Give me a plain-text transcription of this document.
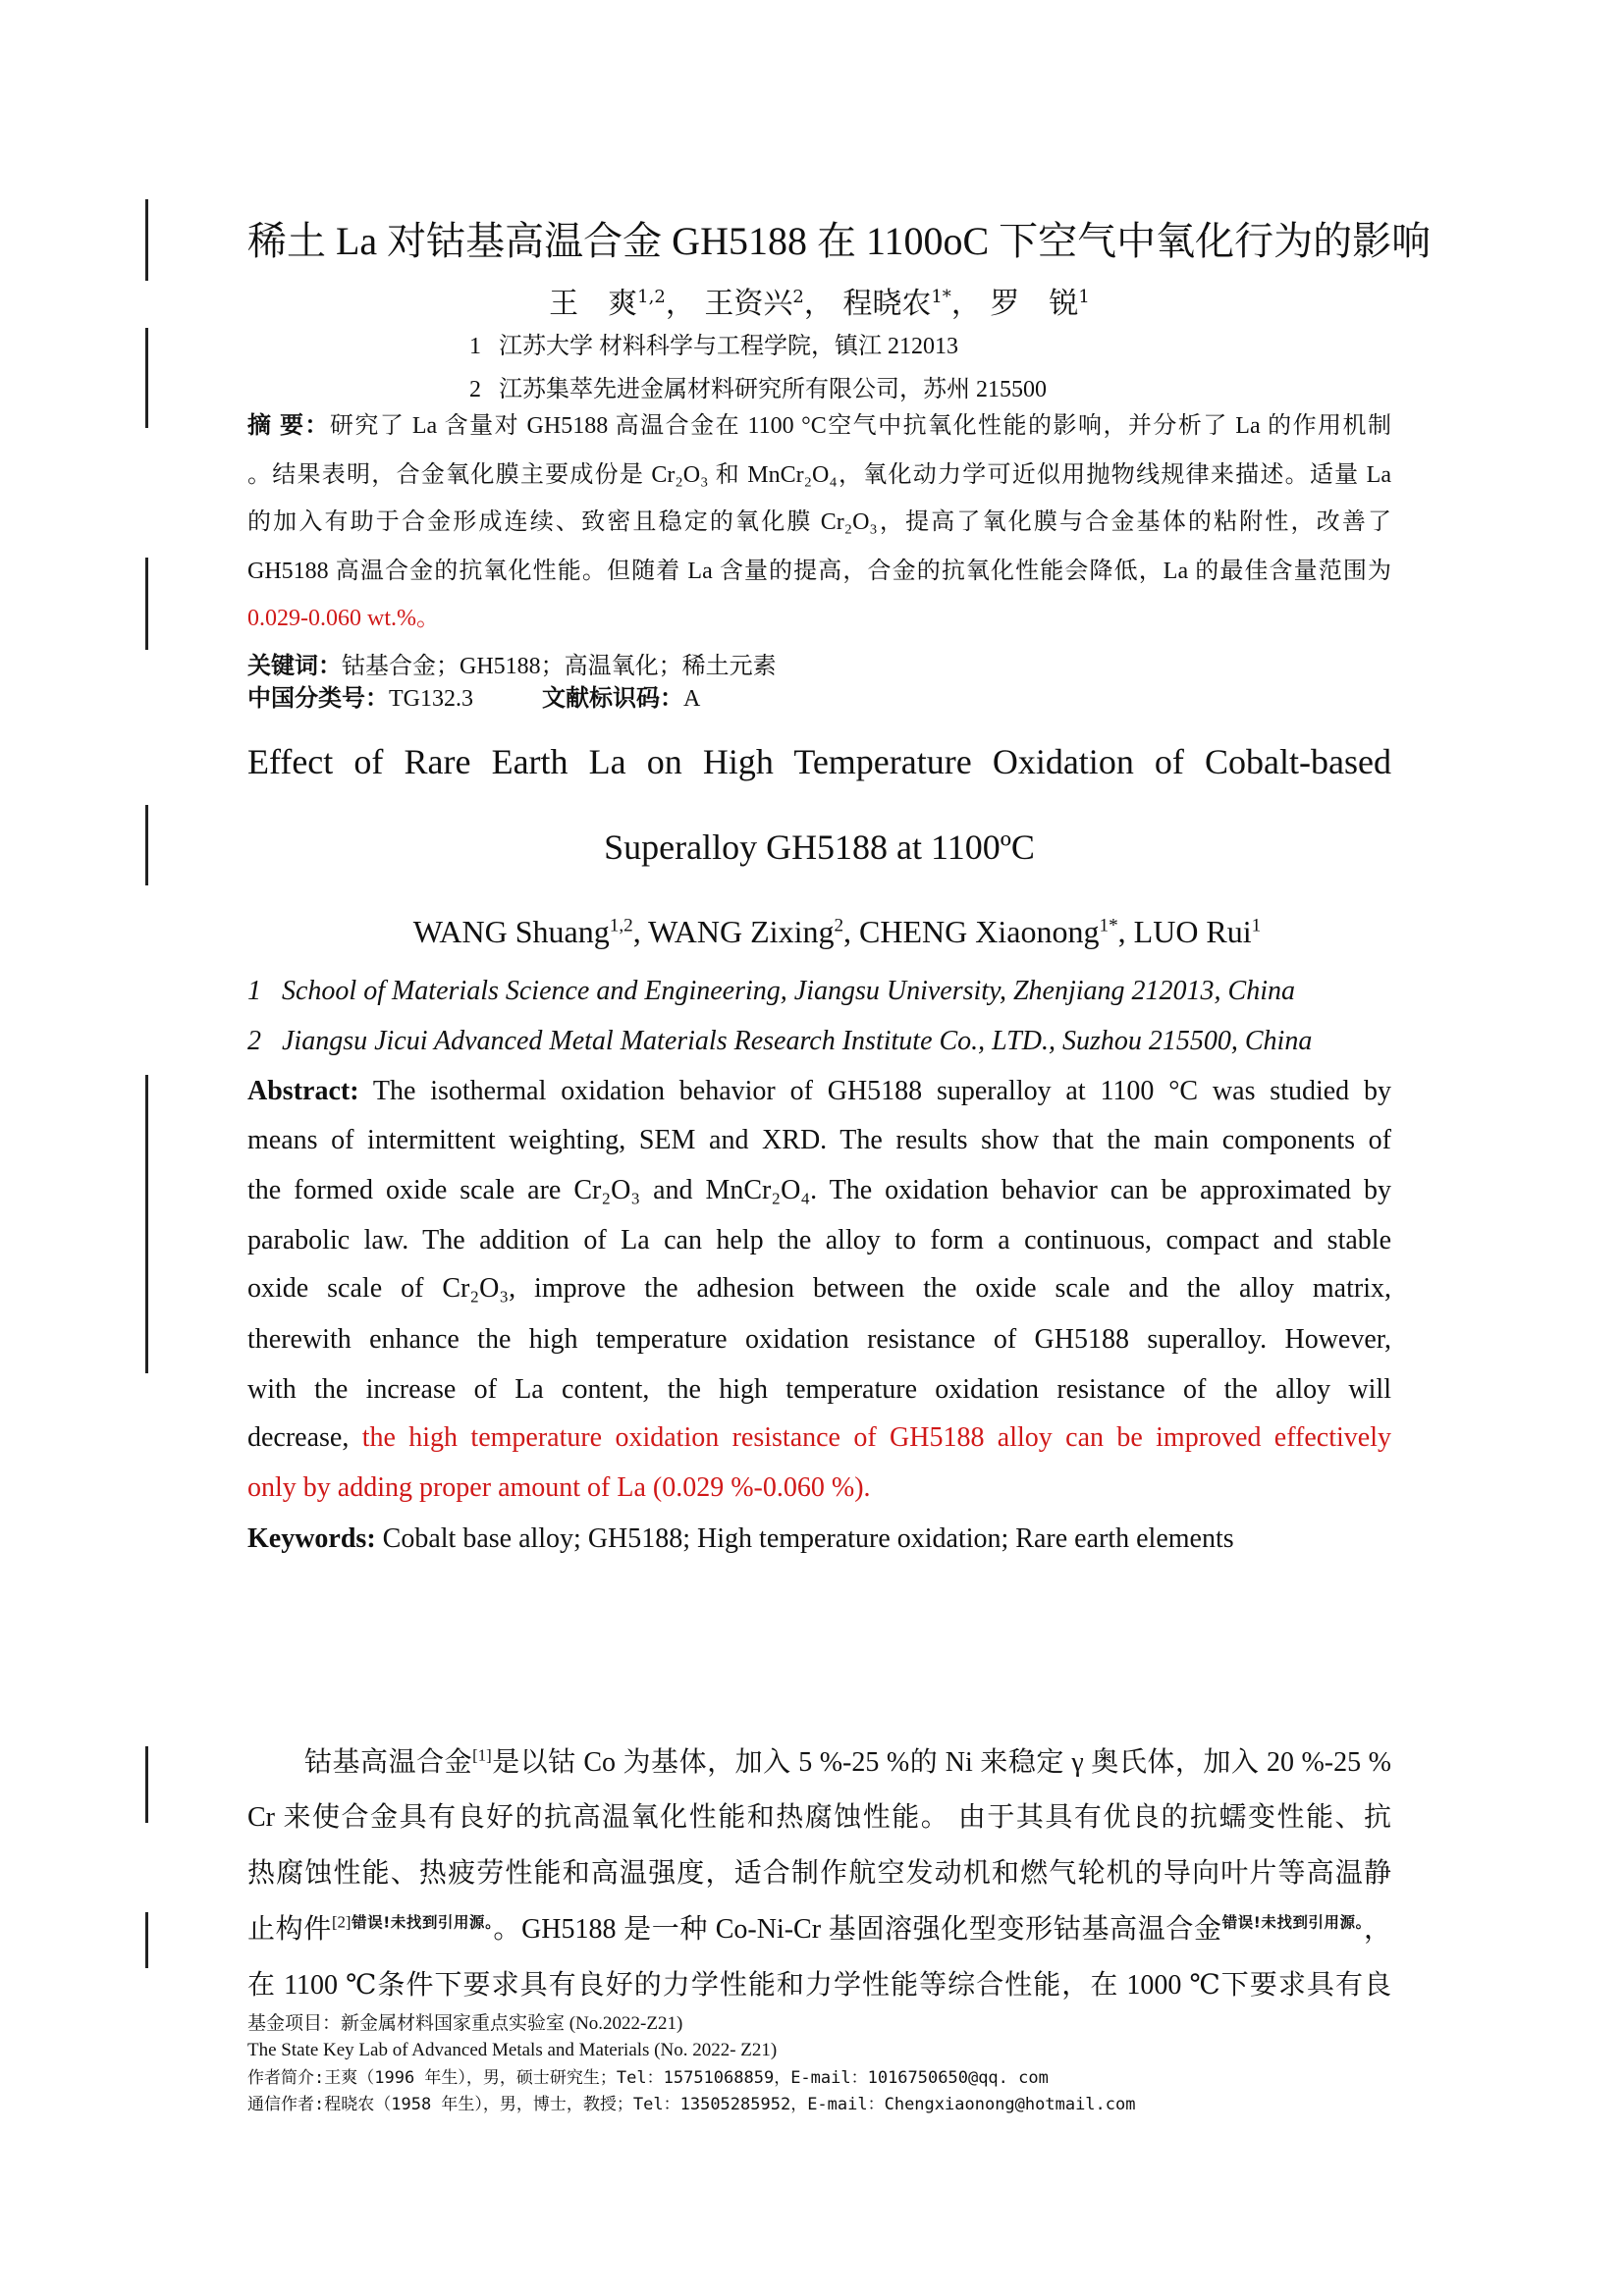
稀土 La 对钴基高温合金 GH5188 在 1100oC 下空气中氧化行为的影响
王　爽$^{1,2}$， 王资兴$^2$， 程晓农$^{1*}$， 罗　锐$^1$
1 江苏大学 材料科学与工程学院，镇江 212013
2 江苏集萃先进金属材料研究所有限公司，苏州 215500
摘 要：研究了 La 含量对 GH5188 高温合金在 1100 °C空气中抗氧化性能的影响，并分析了 La 的作用机制
。结果表明，合金氧化膜主要成份是 Cr₂O₃ 和 MnCr₂O₄，氧化动力学可近似用抛物线规律来描述。适量 La
的加入有助于合金形成连续、致密且稳定的氧化膜 Cr₂O₃，提高了氧化膜与合金基体的粘附性，改善了
GH5188 高温合金的抗氧化性能。但随着 La 含量的提高，合金的抗氧化性能会降低，La 的最佳含量范围为
0.029-0.060 wt.%。
关键词：钴基合金；GH5188；高温氧化；稀土元素
中国分类号：TG132.3	文献标识码：A
Effect of Rare Earth La on High Temperature Oxidation of Cobalt-based
Superalloy GH5188 at 1100ºC
WANG Shuang$^{1,2}$, WANG Zixing$^2$, CHENG Xiaonong$^{1*}$, LUO Rui$^1$
1 School of Materials Science and Engineering, Jiangsu University, Zhenjiang 212013, China
2 Jiangsu Jicui Advanced Metal Materials Research Institute Co., LTD., Suzhou 215500, China
Abstract: The isothermal oxidation behavior of GH5188 superalloy at 1100 °C was studied by
means of intermittent weighting, SEM and XRD. The results show that the main components of
the formed oxide scale are Cr₂O₃ and MnCr₂O₄. The oxidation behavior can be approximated by
parabolic law. The addition of La can help the alloy to form a continuous, compact and stable
oxide scale of Cr₂O₃, improve the adhesion between the oxide scale and the alloy matrix,
therewith enhance the high temperature oxidation resistance of GH5188 superalloy. However,
with the increase of La content, the high temperature oxidation resistance of the alloy will
decrease, the high temperature oxidation resistance of GH5188 alloy can be improved effectively
only by adding proper amount of La (0.029 %-0.060 %).
Keywords: Cobalt base alloy; GH5188; High temperature oxidation; Rare earth elements
钴基高温合金[1]是以钴 Co 为基体，加入 5 %-25 %的 Ni 来稳定 γ 奥氏体，加入 20 %-25 %
Cr 来使合金具有良好的抗高温氧化性能和热腐蚀性能。 由于其具有优良的抗蠕变性能、抗
热腐蚀性能、热疲劳性能和高温强度，适合制作航空发动机和燃气轮机的导向叶片等高温静
止构件$^{[2]错误!未找到引用源。}$。GH5188 是一种 Co-Ni-Cr 基固溶强化型变形钴基高温合金$^{错误!未找到引用源。}$，
在 1100 ℃条件下要求具有良好的力学性能和力学性能等综合性能，在 1000 ℃下要求具有良
基金项目：新金属材料国家重点实验室 (No.2022-Z21)
The State Key Lab of Advanced Metals and Materials (No. 2022- Z21)
作者简介:王爽（1996 年生），男，硕士研究生；Tel：15751068859，E-mail：1016750650@qq. com
通信作者:程晓农（1958 年生），男，博士，教授；Tel：13505285952，E-mail：Chengxiaonong@hotmail.com
